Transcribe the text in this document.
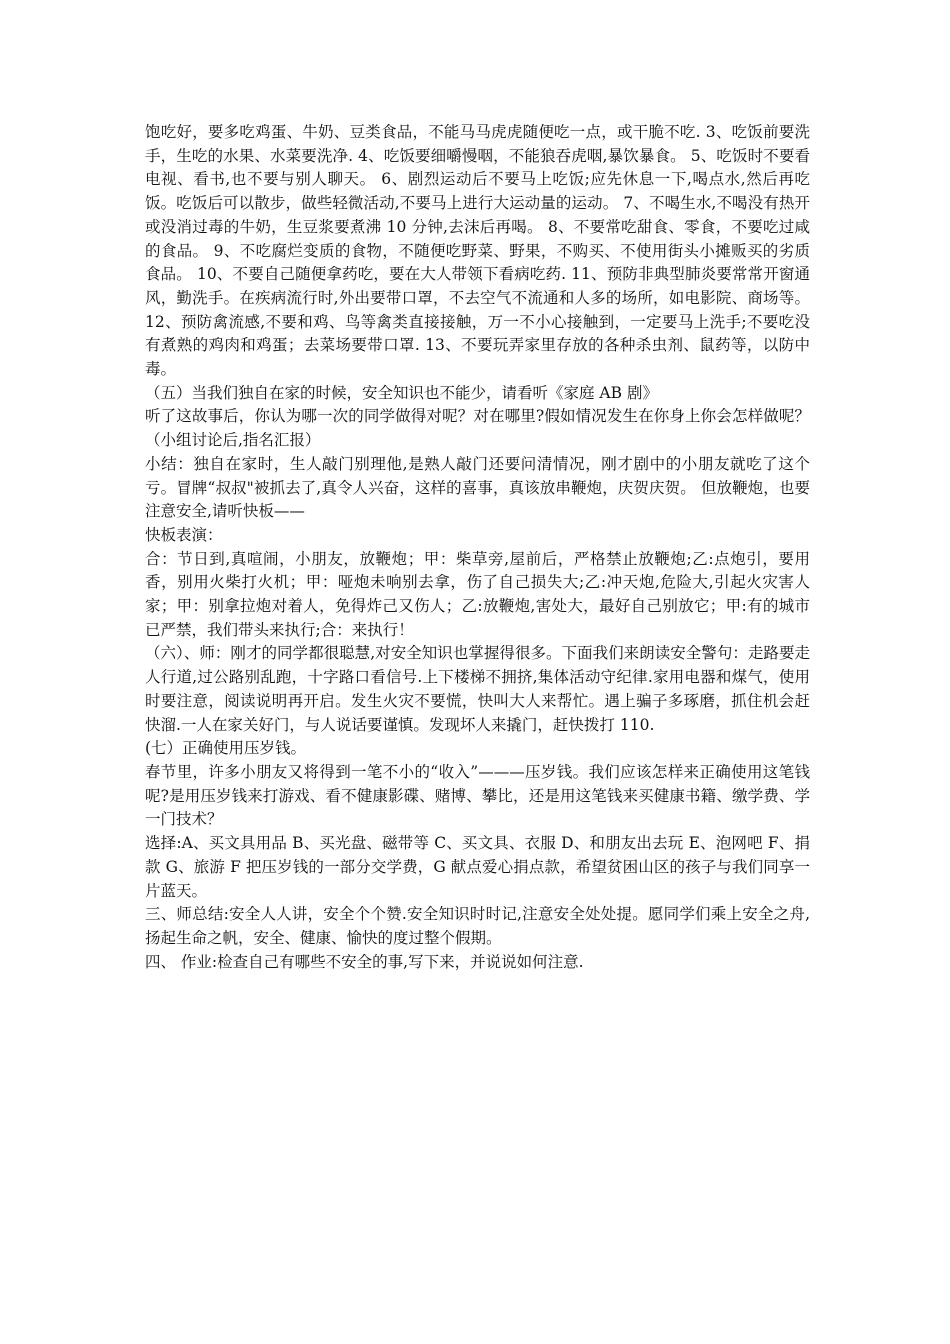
饱吃好，要多吃鸡蛋、牛奶、豆类食品，不能马马虎虎随便吃一点，或干脆不吃. 3、吃饭前要洗手，生吃的水果、水菜要洗净. 4、吃饭要细嚼慢咽，不能狼吞虎咽,暴饮暴食。 5、吃饭时不要看电视、看书,也不要与别人聊天。 6、剧烈运动后不要马上吃饭;应先休息一下,喝点水,然后再吃饭。吃饭后可以散步，做些轻微活动,不要马上进行大运动量的运动。 7、不喝生水,不喝没有热开或没消过毒的牛奶，生豆浆要煮沸 10 分钟,去沫后再喝。 8、不要常吃甜食、零食，不要吃过咸的食品。 9、不吃腐烂变质的食物，不随便吃野菜、野果，不购买、不使用街头小摊贩买的劣质食品。 10、不要自己随便拿药吃，要在大人带领下看病吃药. 11、预防非典型肺炎要常常开窗通风，勤洗手。在疾病流行时,外出要带口罩，不去空气不流通和人多的场所，如电影院、商场等。 12、预防禽流感,不要和鸡、鸟等禽类直接接触，万一不小心接触到，一定要马上洗手;不要吃没有煮熟的鸡肉和鸡蛋；去菜场要带口罩. 13、不要玩弄家里存放的各种杀虫剂、鼠药等，以防中毒。

（五）当我们独自在家的时候，安全知识也不能少，请看听《家庭 AB 剧》

听了这故事后，你认为哪一次的同学做得对呢？对在哪里?假如情况发生在你身上你会怎样做呢？（小组讨论后,指名汇报）

小结：独自在家时，生人敲门别理他,是熟人敲门还要问清情况，刚才剧中的小朋友就吃了这个亏。冒牌“叔叔"被抓去了,真令人兴奋，这样的喜事，真该放串鞭炮，庆贺庆贺。 但放鞭炮，也要注意安全,请听快板——

快板表演：

合：节日到,真喧闹，小朋友，放鞭炮；甲：柴草旁,屋前后，严格禁止放鞭炮;乙:点炮引，要用香，别用火柴打火机；甲：哑炮未响别去拿，伤了自己损失大;乙:冲天炮,危险大,引起火灾害人家；甲：别拿拉炮对着人，免得炸己又伤人；乙:放鞭炮,害处大，最好自己别放它；甲:有的城市已严禁，我们带头来执行;合：来执行！

（六）、师：刚才的同学都很聪慧,对安全知识也掌握得很多。下面我们来朗读安全警句：走路要走人行道,过公路别乱跑，十字路口看信号.上下楼梯不拥挤,集体活动守纪律.家用电器和煤气，使用时要注意，阅读说明再开启。发生火灾不要慌，快叫大人来帮忙。遇上骗子多琢磨，抓住机会赶快溜.一人在家关好门，与人说话要谨慎。发现坏人来撬门，赶快拨打 110.

(七）正确使用压岁钱。

春节里，许多小朋友又将得到一笔不小的“收入”———压岁钱。我们应该怎样来正确使用这笔钱呢?是用压岁钱来打游戏、看不健康影碟、赌博、攀比，还是用这笔钱来买健康书籍、缴学费、学一门技术？

选择:A、买文具用品 B、买光盘、磁带等 C、买文具、衣服 D、和朋友出去玩 E、泡网吧 F、捐款 G、旅游 F 把压岁钱的一部分交学费，G 献点爱心捐点款，希望贫困山区的孩子与我们同享一片蓝天。

三、师总结:安全人人讲，安全个个赞.安全知识时时记,注意安全处处提。愿同学们乘上安全之舟,扬起生命之帆，安全、健康、愉快的度过整个假期。

四、 作业:检查自己有哪些不安全的事,写下来，并说说如何注意.
